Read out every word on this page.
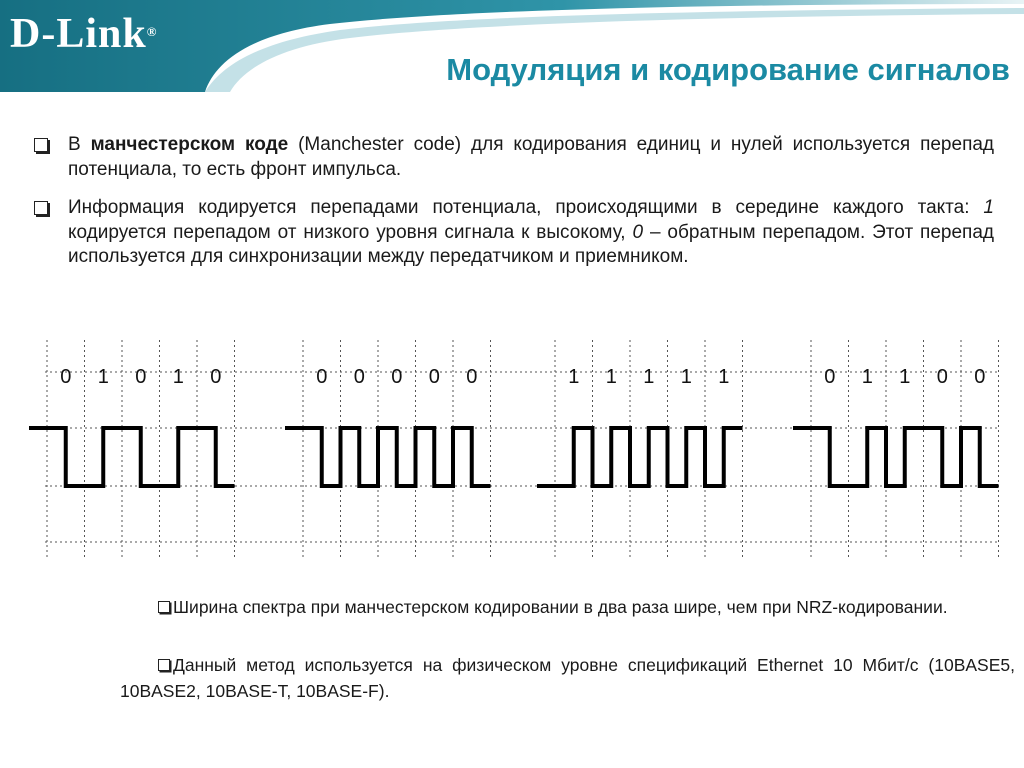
D-Link®
Модуляция и кодирование сигналов
В манчестерском коде (Manchester code) для кодирования единиц и нулей используется перепад потенциала, то есть фронт импульса.
Информация кодируется перепадами потенциала, происходящими в середине каждого такта: 1 кодируется перепадом от низкого уровня сигнала к высокому, 0 – обратным перепадом. Этот перепад используется для синхронизации между передатчиком и приемником.
0 1 0 1 0	0 0 0 0 0	1 1 1 1 1	0 1 1 0 0
Ширина спектра при манчестерском кодировании в два раза шире, чем при NRZ-кодировании.
Данный метод используется на физическом уровне спецификаций Ethernet 10 Мбит/с (10BASE5, 10BASE2, 10BASE-T, 10BASE-F).
